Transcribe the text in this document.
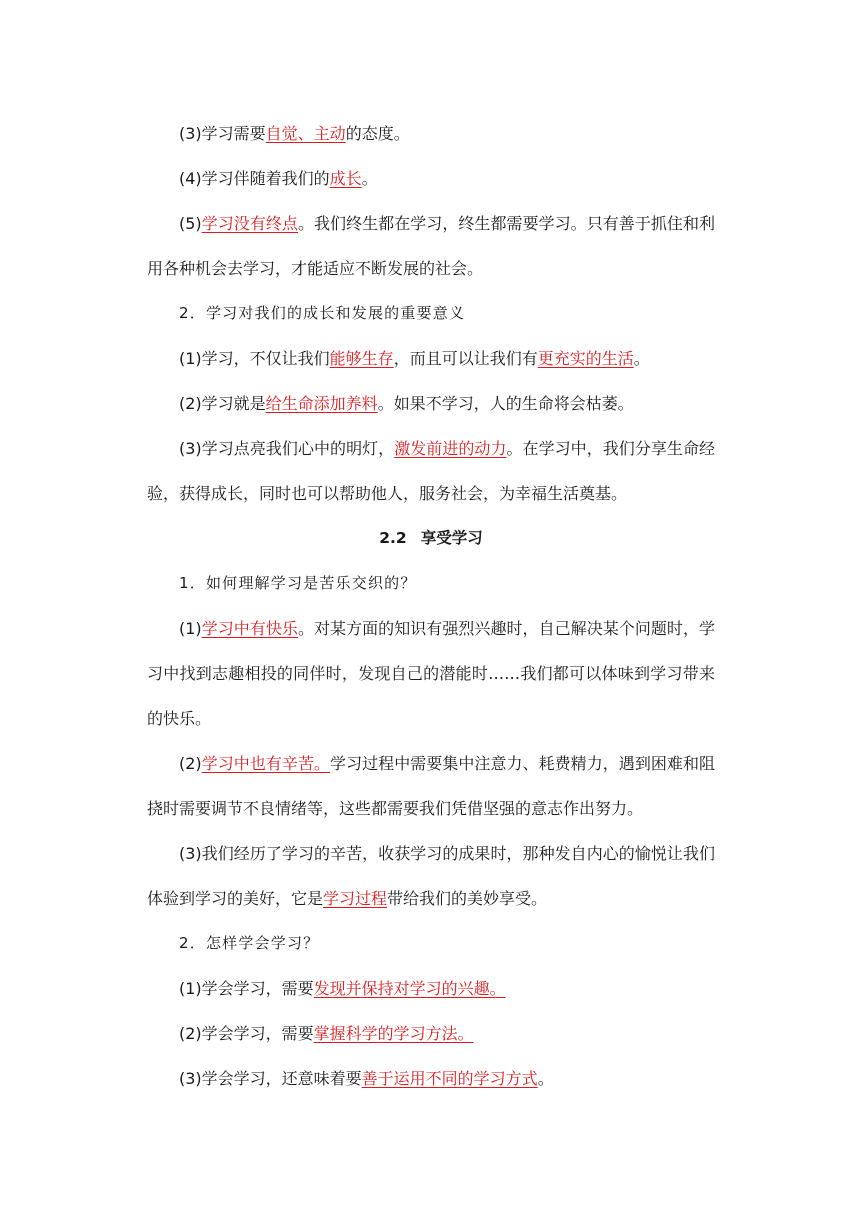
(3)学习需要自觉、主动的态度。

(4)学习伴随着我们的成长。

(5)学习没有终点。我们终生都在学习，终生都需要学习。只有善于抓住和利用各种机会去学习，才能适应不断发展的社会。

2．学习对我们的成长和发展的重要意义

(1)学习，不仅让我们能够生存，而且可以让我们有更充实的生活。

(2)学习就是给生命添加养料。如果不学习，人的生命将会枯萎。

(3)学习点亮我们心中的明灯，激发前进的动力。在学习中，我们分享生命经验，获得成长，同时也可以帮助他人，服务社会，为幸福生活奠基。

2.2 享受学习

1．如何理解学习是苦乐交织的？

(1)学习中有快乐。对某方面的知识有强烈兴趣时，自己解决某个问题时，学习中找到志趣相投的同伴时，发现自己的潜能时……我们都可以体味到学习带来的快乐。

(2)学习中也有辛苦。学习过程中需要集中注意力、耗费精力，遇到困难和阻挠时需要调节不良情绪等，这些都需要我们凭借坚强的意志作出努力。

(3)我们经历了学习的辛苦，收获学习的成果时，那种发自内心的愉悦让我们体验到学习的美好，它是学习过程带给我们的美妙享受。

2．怎样学会学习？

(1)学会学习，需要发现并保持对学习的兴趣。

(2)学会学习，需要掌握科学的学习方法。

(3)学会学习，还意味着要善于运用不同的学习方式。
